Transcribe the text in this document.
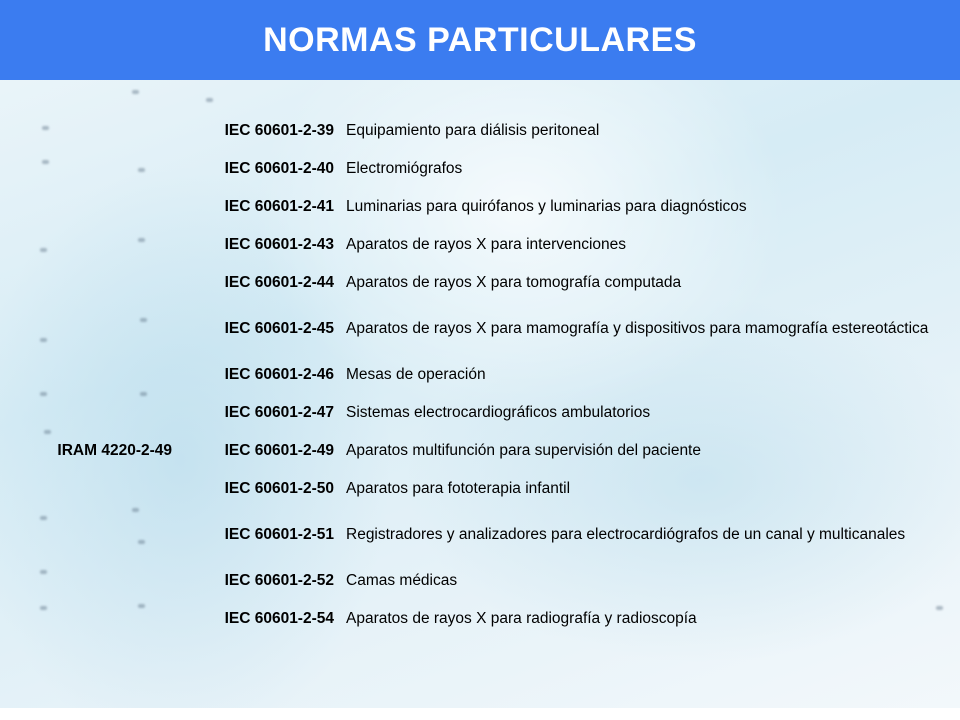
NORMAS PARTICULARES
IEC 60601-2-39 Equipamiento para diálisis peritoneal
IEC 60601-2-40 Electromiógrafos
IEC 60601-2-41 Luminarias para quirófanos y luminarias para diagnósticos
IEC 60601-2-43 Aparatos de rayos X para intervenciones
IEC 60601-2-44 Aparatos de rayos X para tomografía computada
IEC 60601-2-45 Aparatos de rayos X para mamografía y dispositivos para mamografía estereotáctica
IEC 60601-2-46 Mesas de operación
IEC 60601-2-47 Sistemas electrocardiográficos ambulatorios
IRAM 4220-2-49	IEC 60601-2-49 Aparatos multifunción para supervisión del paciente
IEC 60601-2-50 Aparatos para fototerapia infantil
IEC 60601-2-51 Registradores y analizadores para electrocardiógrafos de un canal y multicanales
IEC 60601-2-52 Camas médicas
IEC 60601-2-54 Aparatos de rayos X para radiografía y radioscopía
